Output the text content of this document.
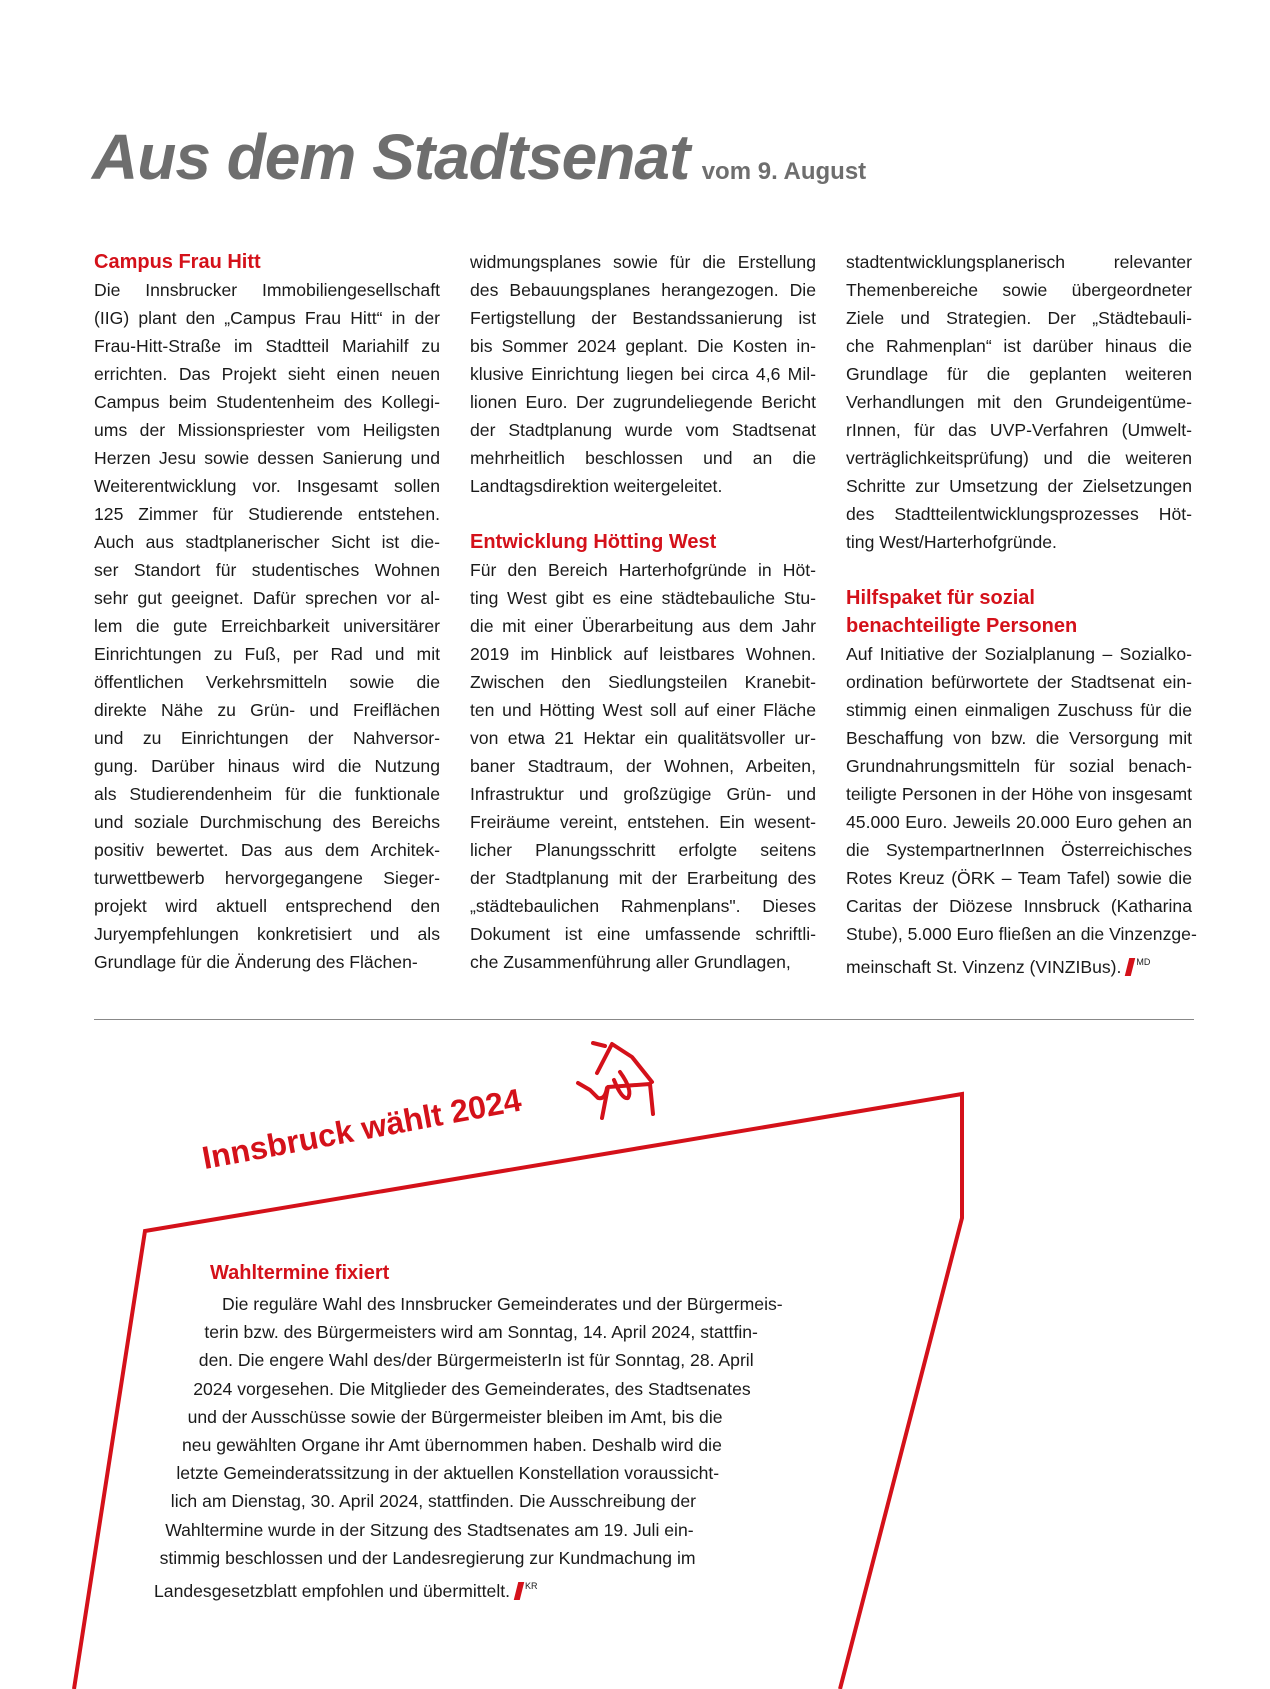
Aus dem Stadtsenat vom 9. August
Campus Frau Hitt
Die Innsbrucker Immobiliengesellschaft
(IIG) plant den „Campus Frau Hitt“ in der
Frau-Hitt-Straße im Stadtteil Mariahilf zu
errichten. Das Projekt sieht einen neuen
Campus beim Studentenheim des Kollegi-
ums der Missionspriester vom Heiligsten
Herzen Jesu sowie dessen Sanierung und
Weiterentwicklung vor. Insgesamt sollen
125 Zimmer für Studierende entstehen.
Auch aus stadtplanerischer Sicht ist die-
ser Standort für studentisches Wohnen
sehr gut geeignet. Dafür sprechen vor al-
lem die gute Erreichbarkeit universitärer
Einrichtungen zu Fuß, per Rad und mit
öffentlichen Verkehrsmitteln sowie die
direkte Nähe zu Grün- und Freiflächen
und zu Einrichtungen der Nahversor-
gung. Darüber hinaus wird die Nutzung
als Studierendenheim für die funktionale
und soziale Durchmischung des Bereichs
positiv bewertet. Das aus dem Architek-
turwettbewerb hervorgegangene Sieger-
projekt wird aktuell entsprechend den
Juryempfehlungen konkretisiert und als
Grundlage für die Änderung des Flächen-
widmungsplanes sowie für die Erstellung
des Bebauungsplanes herangezogen. Die
Fertigstellung der Bestandssanierung ist
bis Sommer 2024 geplant. Die Kosten in-
klusive Einrichtung liegen bei circa 4,6 Mil-
lionen Euro. Der zugrundeliegende Bericht
der Stadtplanung wurde vom Stadtsenat
mehrheitlich beschlossen und an die
Landtagsdirektion weitergeleitet.
Entwicklung Hötting West
Für den Bereich Harterhofgründe in Höt-
ting West gibt es eine städtebauliche Stu-
die mit einer Überarbeitung aus dem Jahr
2019 im Hinblick auf leistbares Wohnen.
Zwischen den Siedlungsteilen Kranebit-
ten und Hötting West soll auf einer Fläche
von etwa 21 Hektar ein qualitätsvoller ur-
baner Stadtraum, der Wohnen, Arbeiten,
Infrastruktur und großzügige Grün- und
Freiräume vereint, entstehen. Ein wesent-
licher Planungsschritt erfolgte seitens
der Stadtplanung mit der Erarbeitung des
„städtebaulichen Rahmenplans". Dieses
Dokument ist eine umfassende schriftli-
che Zusammenführung aller Grundlagen,
stadtentwicklungsplanerisch relevanter
Themenbereiche sowie übergeordneter
Ziele und Strategien. Der „Städtebauli-
che Rahmenplan“ ist darüber hinaus die
Grundlage für die geplanten weiteren
Verhandlungen mit den Grundeigentüme-
rInnen, für das UVP-Verfahren (Umwelt-
verträglichkeitsprüfung) und die weiteren
Schritte zur Umsetzung der Zielsetzungen
des Stadtteilentwicklungsprozesses Höt-
ting West/Harterhofgründe.
Hilfspaket für sozial
benachteiligte Personen
Auf Initiative der Sozialplanung – Sozialko-
ordination befürwortete der Stadtsenat ein-
stimmig einen einmaligen Zuschuss für die
Beschaffung von bzw. die Versorgung mit
Grundnahrungsmitteln für sozial benach-
teiligte Personen in der Höhe von insgesamt
45.000 Euro. Jeweils 20.000 Euro gehen an
die SystempartnerInnen Österreichisches
Rotes Kreuz (ÖRK – Team Tafel) sowie die
Caritas der Diözese Innsbruck (Katharina
Stube), 5.000 Euro fließen an die Vinzenzge-
meinschaft St. Vinzenz (VINZIBus). $^{MD}$
Innsbruck wählt 2024
Wahltermine fixiert
Die reguläre Wahl des Innsbrucker Gemeinderates und der Bürgermeis-
terin bzw. des Bürgermeisters wird am Sonntag, 14. April 2024, stattfin-
den. Die engere Wahl des/der BürgermeisterIn ist für Sonntag, 28. April
2024 vorgesehen. Die Mitglieder des Gemeinderates, des Stadtsenates
und der Ausschüsse sowie der Bürgermeister bleiben im Amt, bis die
neu gewählten Organe ihr Amt übernommen haben. Deshalb wird die
letzte Gemeinderatssitzung in der aktuellen Konstellation voraussicht-
lich am Dienstag, 30. April 2024, stattfinden. Die Ausschreibung der
Wahltermine wurde in der Sitzung des Stadtsenates am 19. Juli ein-
stimmig beschlossen und der Landesregierung zur Kundmachung im
Landesgesetzblatt empfohlen und übermittelt. $^{KR}$
